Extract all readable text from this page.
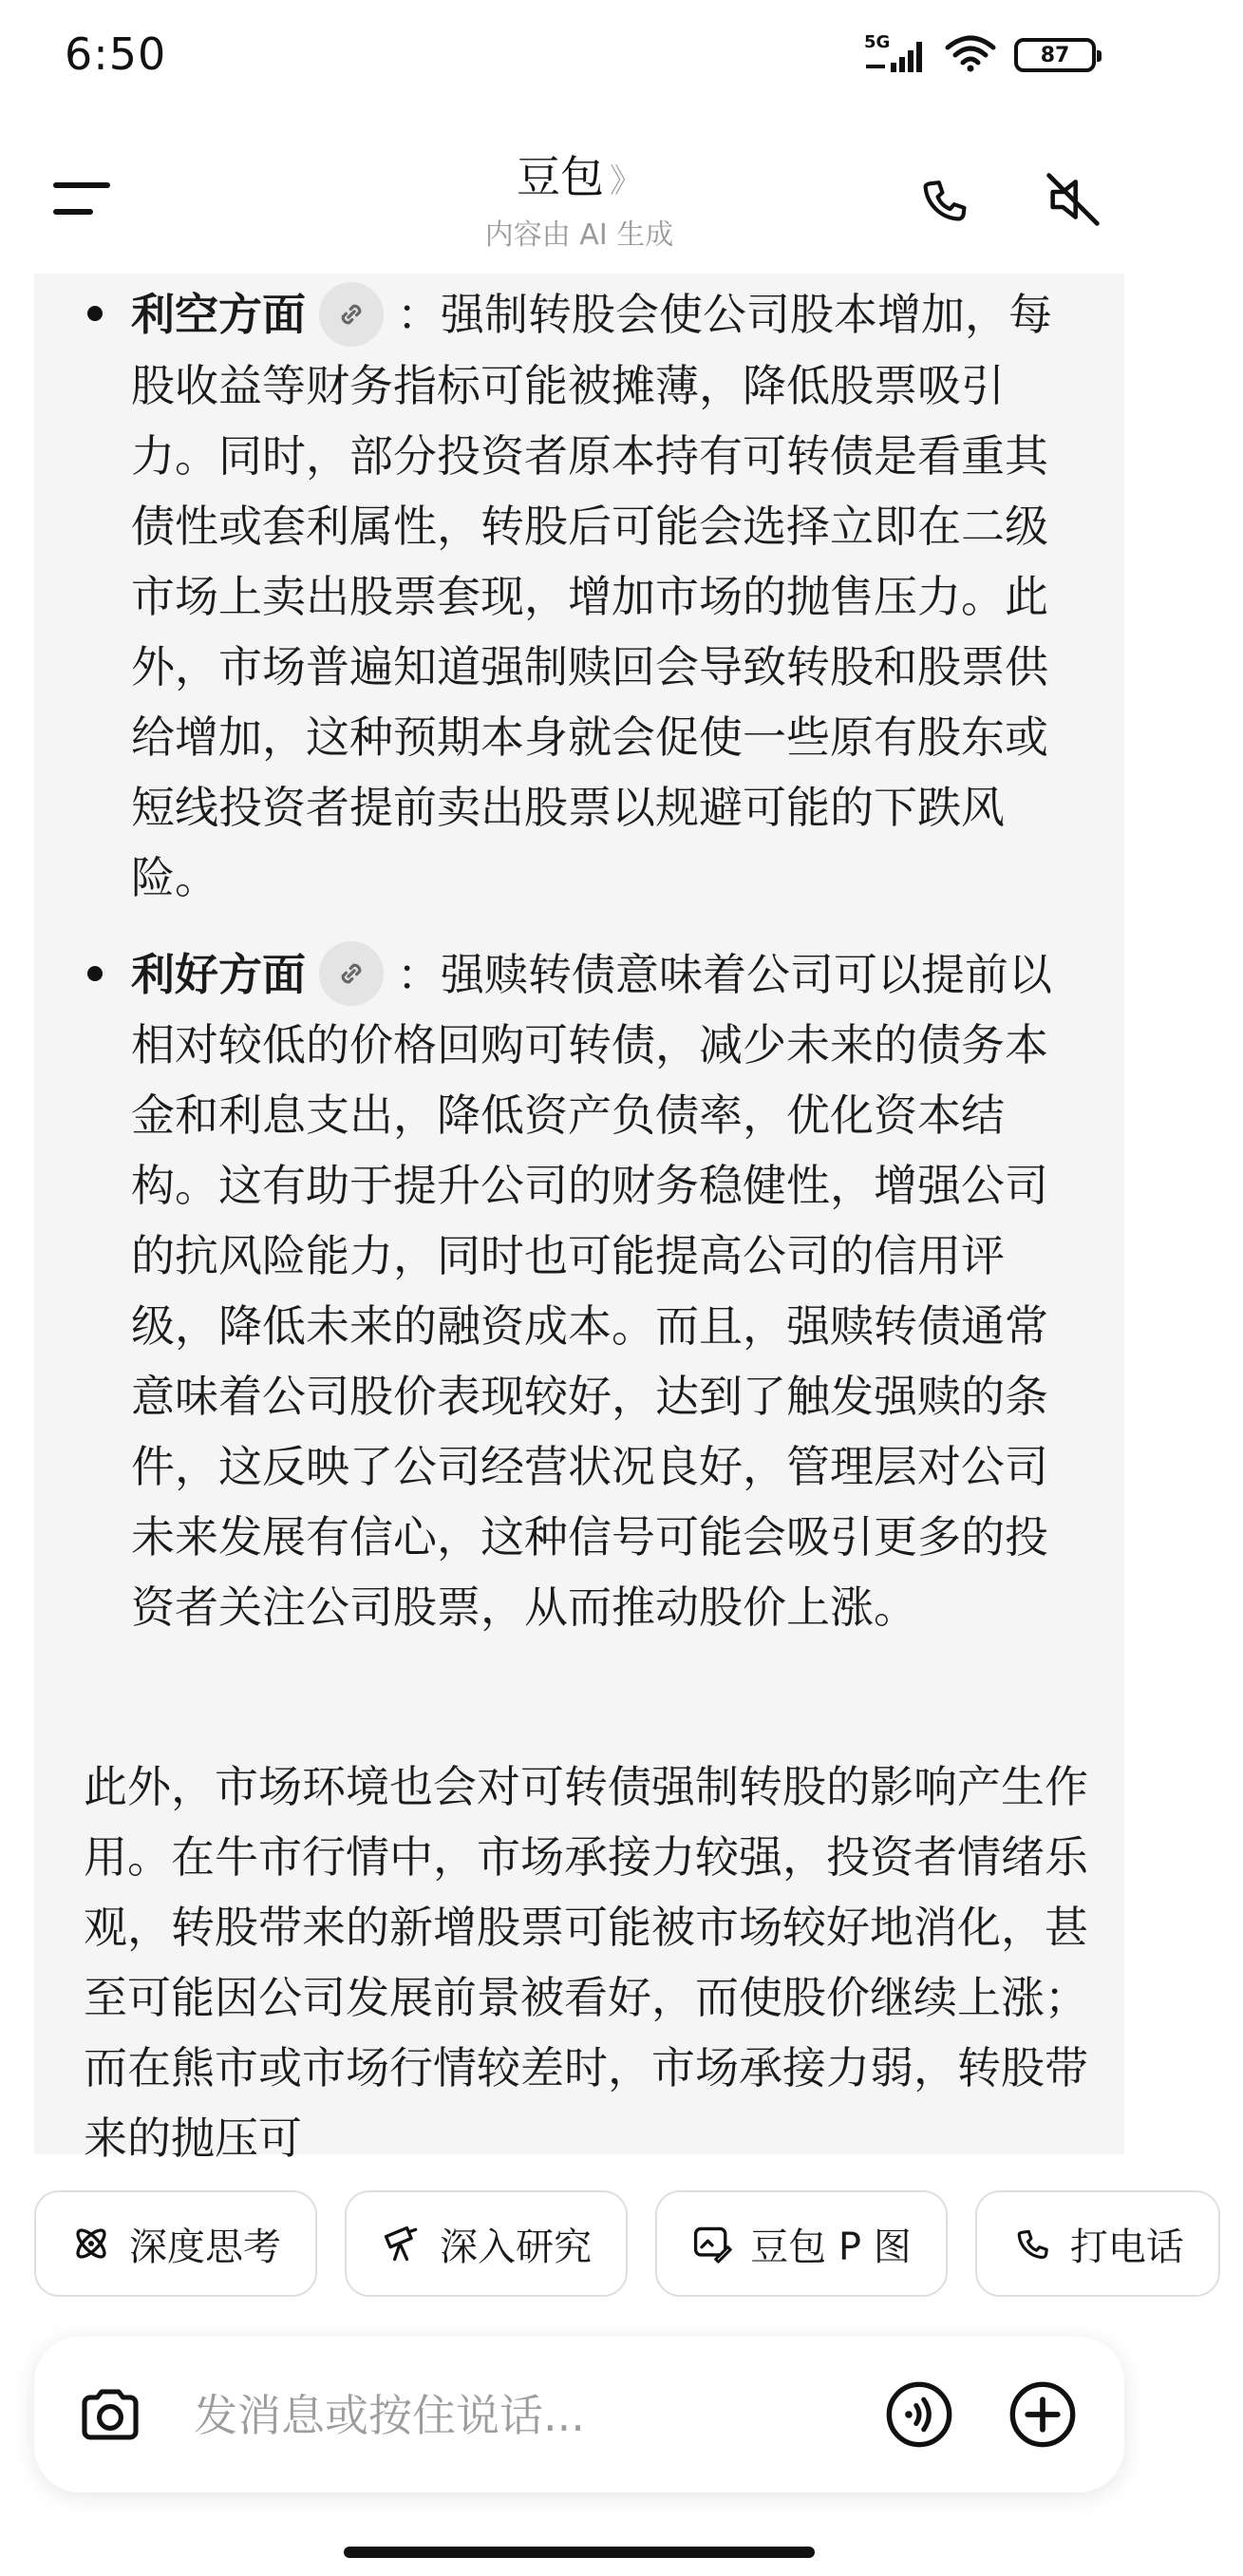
6:50	5G
87
豆包 》
内容由 AI 生成
利空方面 ：强制转股会使公司股本增加，每股收益等财务指标可能被摊薄，降低股票吸引力。同时，部分投资者原本持有可转债是看重其债性或套利属性，转股后可能会选择立即在二级市场上卖出股票套现，增加市场的抛售压力。此外，市场普遍知道强制赎回会导致转股和股票供给增加，这种预期本身就会促使一些原有股东或短线投资者提前卖出股票以规避可能的下跌风险。
利好方面 ：强赎转债意味着公司可以提前以相对较低的价格回购可转债，减少未来的债务本金和利息支出，降低资产负债率，优化资本结构。这有助于提升公司的财务稳健性，增强公司的抗风险能力，同时也可能提高公司的信用评级，降低未来的融资成本。而且，强赎转债通常意味着公司股价表现较好，达到了触发强赎的条件，这反映了公司经营状况良好，管理层对公司未来发展有信心，这种信号可能会吸引更多的投资者关注公司股票，从而推动股价上涨。
此外，市场环境也会对可转债强制转股的影响产生作用。在牛市行情中，市场承接力较强，投资者情绪乐观，转股带来的新增股票可能被市场较好地消化，甚至可能因公司发展前景被看好，而使股价继续上涨；而在熊市或市场行情较差时，市场承接力弱，转股带来的抛压可
深度思考
	深入研究
	豆包 P 图
	打电话
发消息或按住说话...
